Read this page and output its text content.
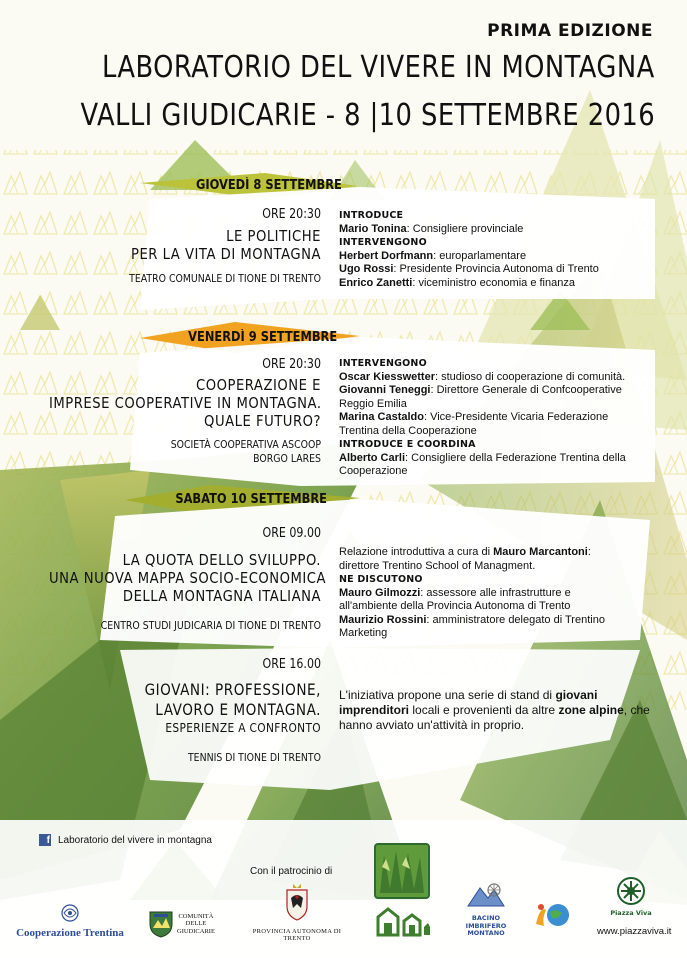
PRIMA EDIZIONE
LABORATORIO DEL VIVERE IN MONTAGNA
VALLI GIUDICARIE - 8 |10 SETTEMBRE 2016
GIOVEDÌ 8 SETTEMBRE
VENERDÌ 9 SETTEMBRE
SABATO 10 SETTEMBRE
ORE 20:30
LE POLITICHE
PER LA VITA DI MONTAGNA
TEATRO COMUNALE DI TIONE DI TRENTO

INTRODUCE

Mario Tonina: Consigliere provinciale

INTERVENGONO

Herbert Dorfmann: europarlamentare

Ugo Rossi: Presidente Provincia Autonoma di Trento

Enrico Zanetti: viceministro economia e finanza

ORE 20:30
COOPERAZIONE E
IMPRESE COOPERATIVE IN MONTAGNA.
QUALE FUTURO?
SOCIETÀ COOPERATIVA ASCOOP
BORGO LARES

INTERVENGONO

Oscar Kiesswetter: studioso di cooperazione di comunità.

Giovanni Teneggi: Direttore Generale di Confcooperative

Reggio Emilia

Marina Castaldo: Vice-Presidente Vicaria Federazione

Trentina della Cooperazione

INTRODUCE E COORDINA

Alberto Carli: Consigliere della Federazione Trentina della

Cooperazione

ORE 09.00
LA QUOTA DELLO SVILUPPO.
UNA NUOVA MAPPA SOCIO-ECONOMICA
DELLA MONTAGNA ITALIANA
CENTRO STUDI JUDICARIA DI TIONE DI TRENTO

Relazione introduttiva a cura di Mauro Marcantoni:

direttore Trentino School of Managment.

NE DISCUTONO

Mauro Gilmozzi: assessore alle infrastrutture e

all'ambiente della Provincia Autonoma di Trento

Maurizio Rossini: amministratore delegato di Trentino

Marketing

ORE 16.00
GIOVANI: PROFESSIONE,
LAVORO E MONTAGNA.
ESPERIENZE A CONFRONTO
TENNIS DI TIONE DI TRENTO
L'iniziativa propone una serie di stand di giovani imprenditori locali e provenienti da altre zone alpine, che hanno avviato un'attività in proprio.
f Laboratorio del vivere in montagna
Con il patrocinio di
Cooperazione Trentina
COMUNITÀ
DELLE
GIUDICARIE	PROVINCIA AUTONOMA DI TRENTO
BACINO
IMBRIFERO
MONTANO
Piazza Viva
www.piazzaviva.it
